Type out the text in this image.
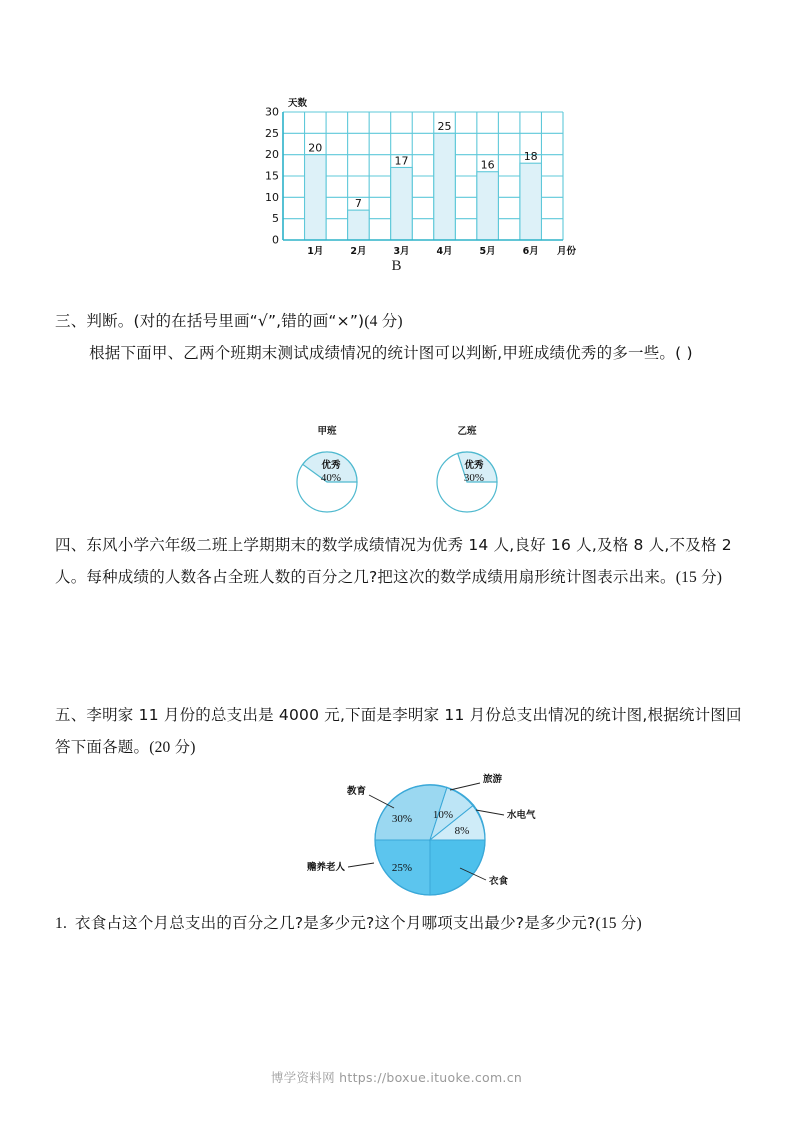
0
5
10
15
20
25
30
天数
20
7
17
25
16
18
1月	2月	3月	4月	5月	6月 月份
B
三、判断。(对的在括号里画“√”,错的画“×”)(4 分)
根据下面甲、乙两个班期末测试成绩情况的统计图可以判断,甲班成绩优秀的多一些。( )
甲班
优秀
40%
乙班
优秀
30%
四、东风小学六年级二班上学期期末的数学成绩情况为优秀 14 人,良好 16 人,及格 8 人,不及格 2 人。每种成绩的人数各占全班人数的百分之几?把这次的数学成绩用扇形统计图表示出来。(15 分)
五、李明家 11 月份的总支出是 4000 元,下面是李明家 11 月份总支出情况的统计图,根据统计图回答下面各题。(20 分)
30% 10%
8%
25%
教育
旅游
水电气
衣食
赡养老人
1. 衣食占这个月总支出的百分之几?是多少元?这个月哪项支出最少?是多少元?(15 分)
博学资料网 https://boxue.ituoke.com.cn
